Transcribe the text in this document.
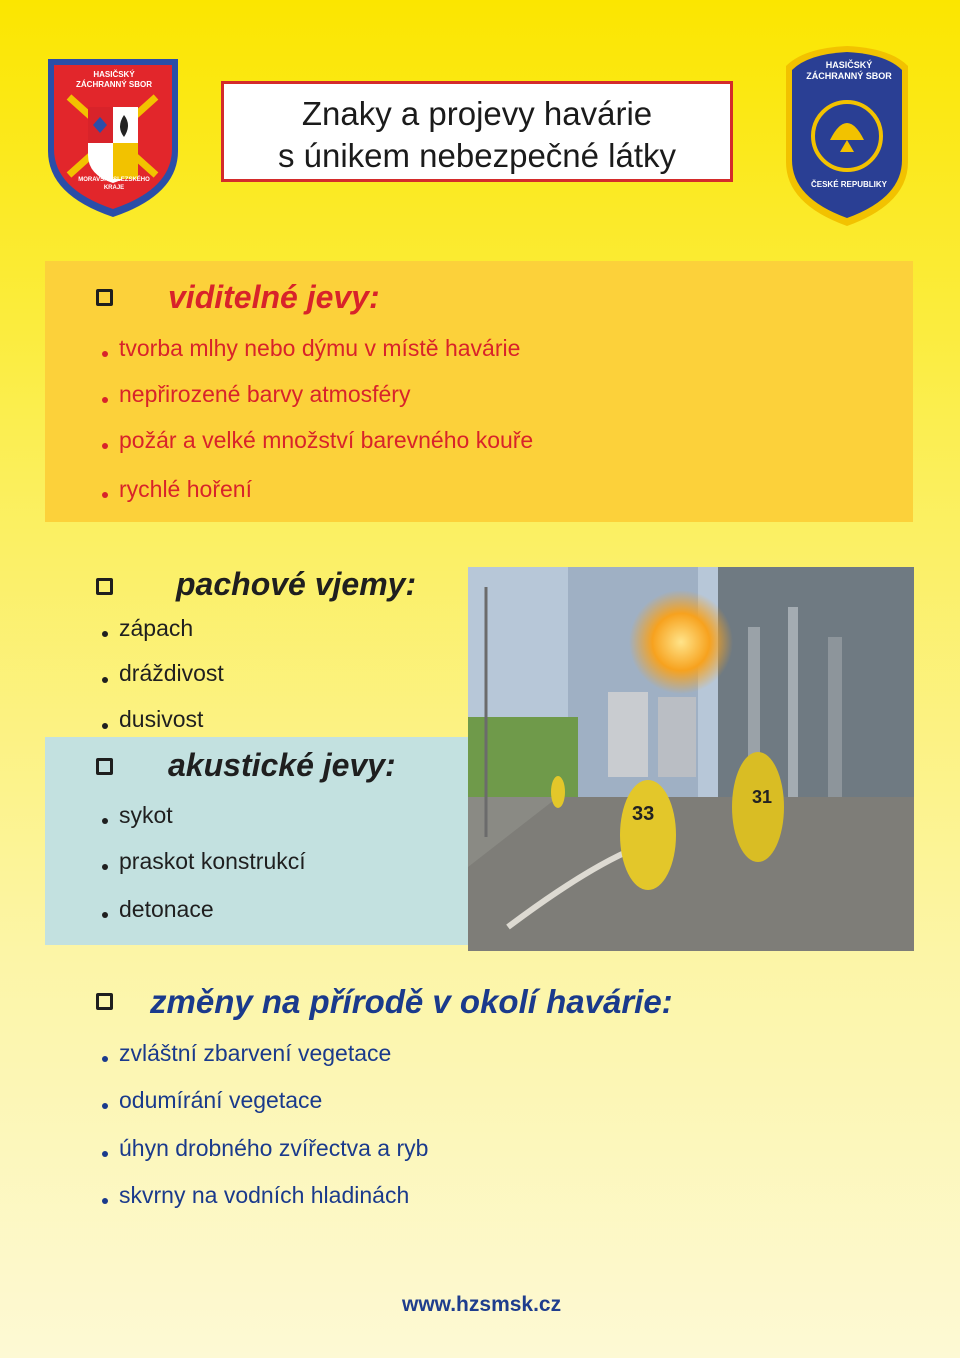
HASIČSKÝ ZÁCHRANNÝ SBOR
MORAVSKOSLEZSKÉHO KRAJE
Znaky a projevy havárie
s únikem nebezpečné látky
HASIČSKÝ ZÁCHRANNÝ SBOR
ČESKÉ REPUBLIKY
viditelné jevy:
tvorba mlhy nebo dýmu v místě havárie
nepřirozené barvy atmosféry
požár a velké množství barevného kouře
rychlé hoření
pachové vjemy:
zápach
dráždivost
dusivost
akustické jevy:
sykot
praskot konstrukcí
detonace
33
31
změny na přírodě v okolí havárie:
zvláštní zbarvení vegetace
odumírání vegetace
úhyn drobného zvířectva a ryb
skvrny na vodních hladinách
www.hzsmsk.cz
